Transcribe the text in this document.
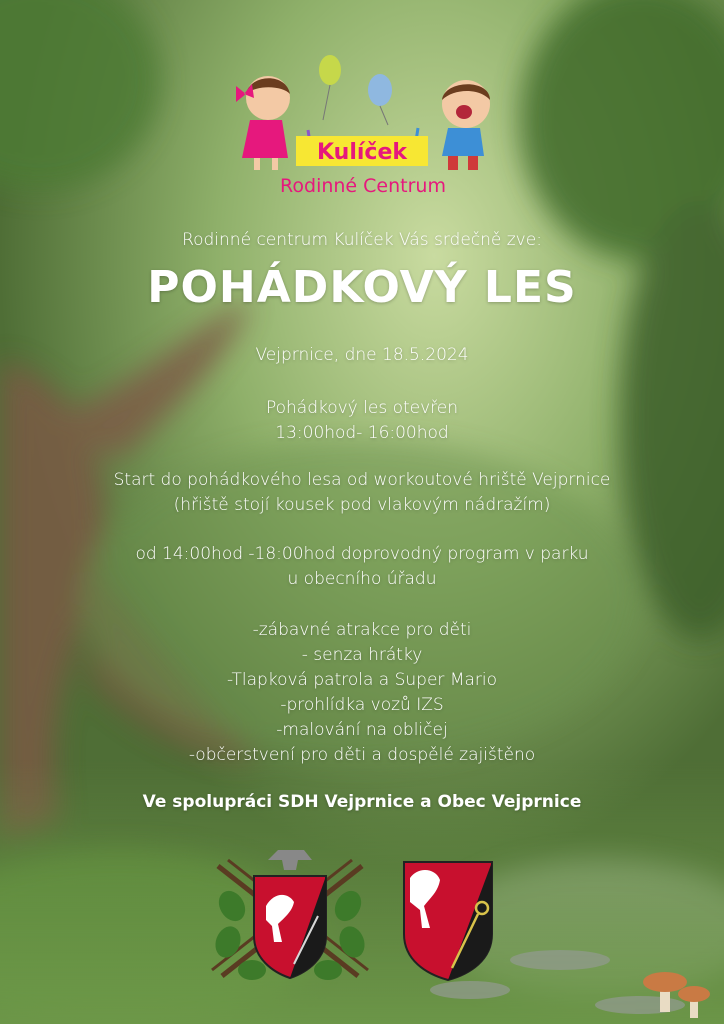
Kulíček
Rodinné Centrum

Rodinné centrum Kulíček Vás srdečně zve:

POHÁDKOVÝ LES

Vejprnice, dne 18.5.2024

Pohádkový les otevřen
13:00hod- 16:00hod
Start do pohádkového lesa od workoutové hriště Vejprnice
(hřiště stojí kousek pod vlakovým nádražím)
od 14:00hod -18:00hod doprovodný program v parku
u obecního úřadu
-zábavné atrakce pro děti
- senza hrátky
-Tlapková patrola a Super Mario
-prohlídka vozů IZS
-malování na obličej
-občerstvení pro děti a dospělé zajištěno

Ve spolupráci SDH Vejprnice a Obec Vejprnice
